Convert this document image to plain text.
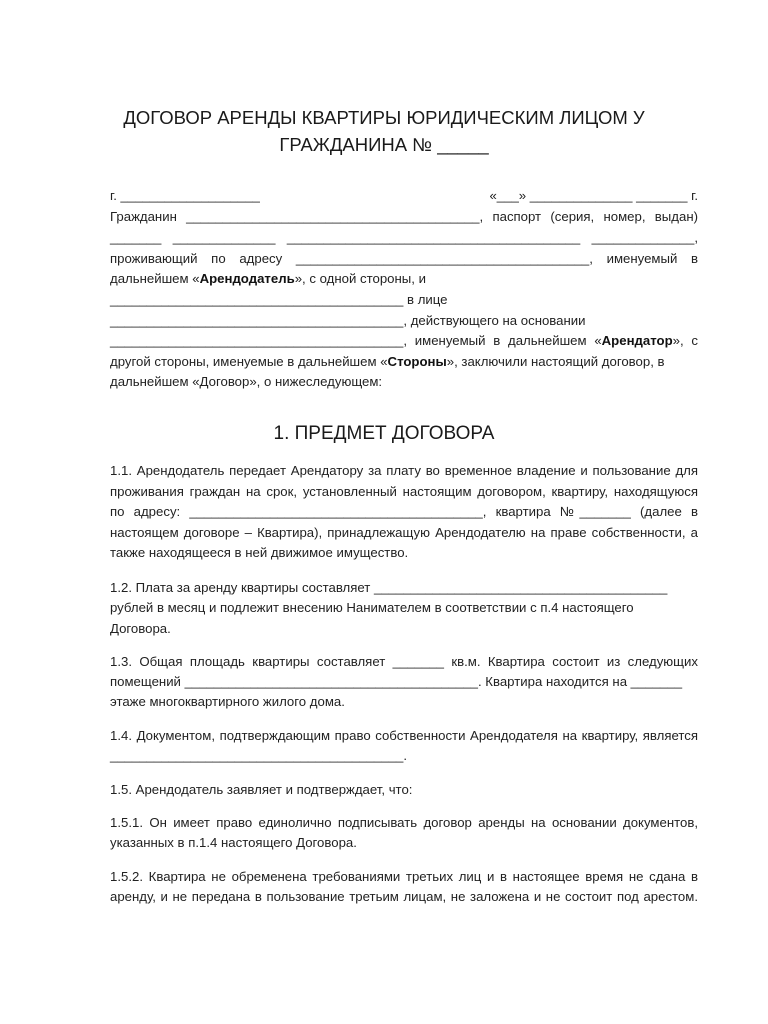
ДОГОВОР АРЕНДЫ КВАРТИРЫ ЮРИДИЧЕСКИМ ЛИЦОМ У
ГРАЖДАНИНА № _____
г. ___________________	«___» ______________ _______ г.
Гражданин ________________________________________, паспорт (серия, номер, выдан)
_______ ______________ ________________________________________ ______________,
проживающий по адресу ________________________________________, именуемый в
дальнейшем «Арендодатель», с одной стороны, и
________________________________________ в лице
________________________________________, действующего на основании
________________________________________, именуемый в дальнейшем «Арендатор», с
другой стороны, именуемые в дальнейшем «Стороны», заключили настоящий договор, в
дальнейшем «Договор», о нижеследующем:
1. ПРЕДМЕТ ДОГОВОРА
1.1. Арендодатель передает Арендатору за плату во временное владение и пользование для
проживания граждан на срок, установленный настоящим договором, квартиру, находящуюся
по адресу: ________________________________________, квартира №_______ (далее в
настоящем договоре – Квартира), принадлежащую Арендодателю на праве собственности, а
также находящееся в ней движимое имущество.
1.2. Плата за аренду квартиры составляет ________________________________________
рублей в месяц и подлежит внесению Нанимателем в соответствии с п.4 настоящего
Договора.
1.3. Общая площадь квартиры составляет _______ кв.м. Квартира состоит из следующих
помещений ________________________________________. Квартира находится на _______
этаже многоквартирного жилого дома.
1.4. Документом, подтверждающим право собственности Арендодателя на квартиру, является
________________________________________.
1.5. Арендодатель заявляет и подтверждает, что:
1.5.1. Он имеет право единолично подписывать договор аренды на основании документов,
указанных в п.1.4 настоящего Договора.
1.5.2. Квартира не обременена требованиями третьих лиц и в настоящее время не сдана в
аренду, и не передана в пользование третьим лицам, не заложена и не состоит под арестом.
